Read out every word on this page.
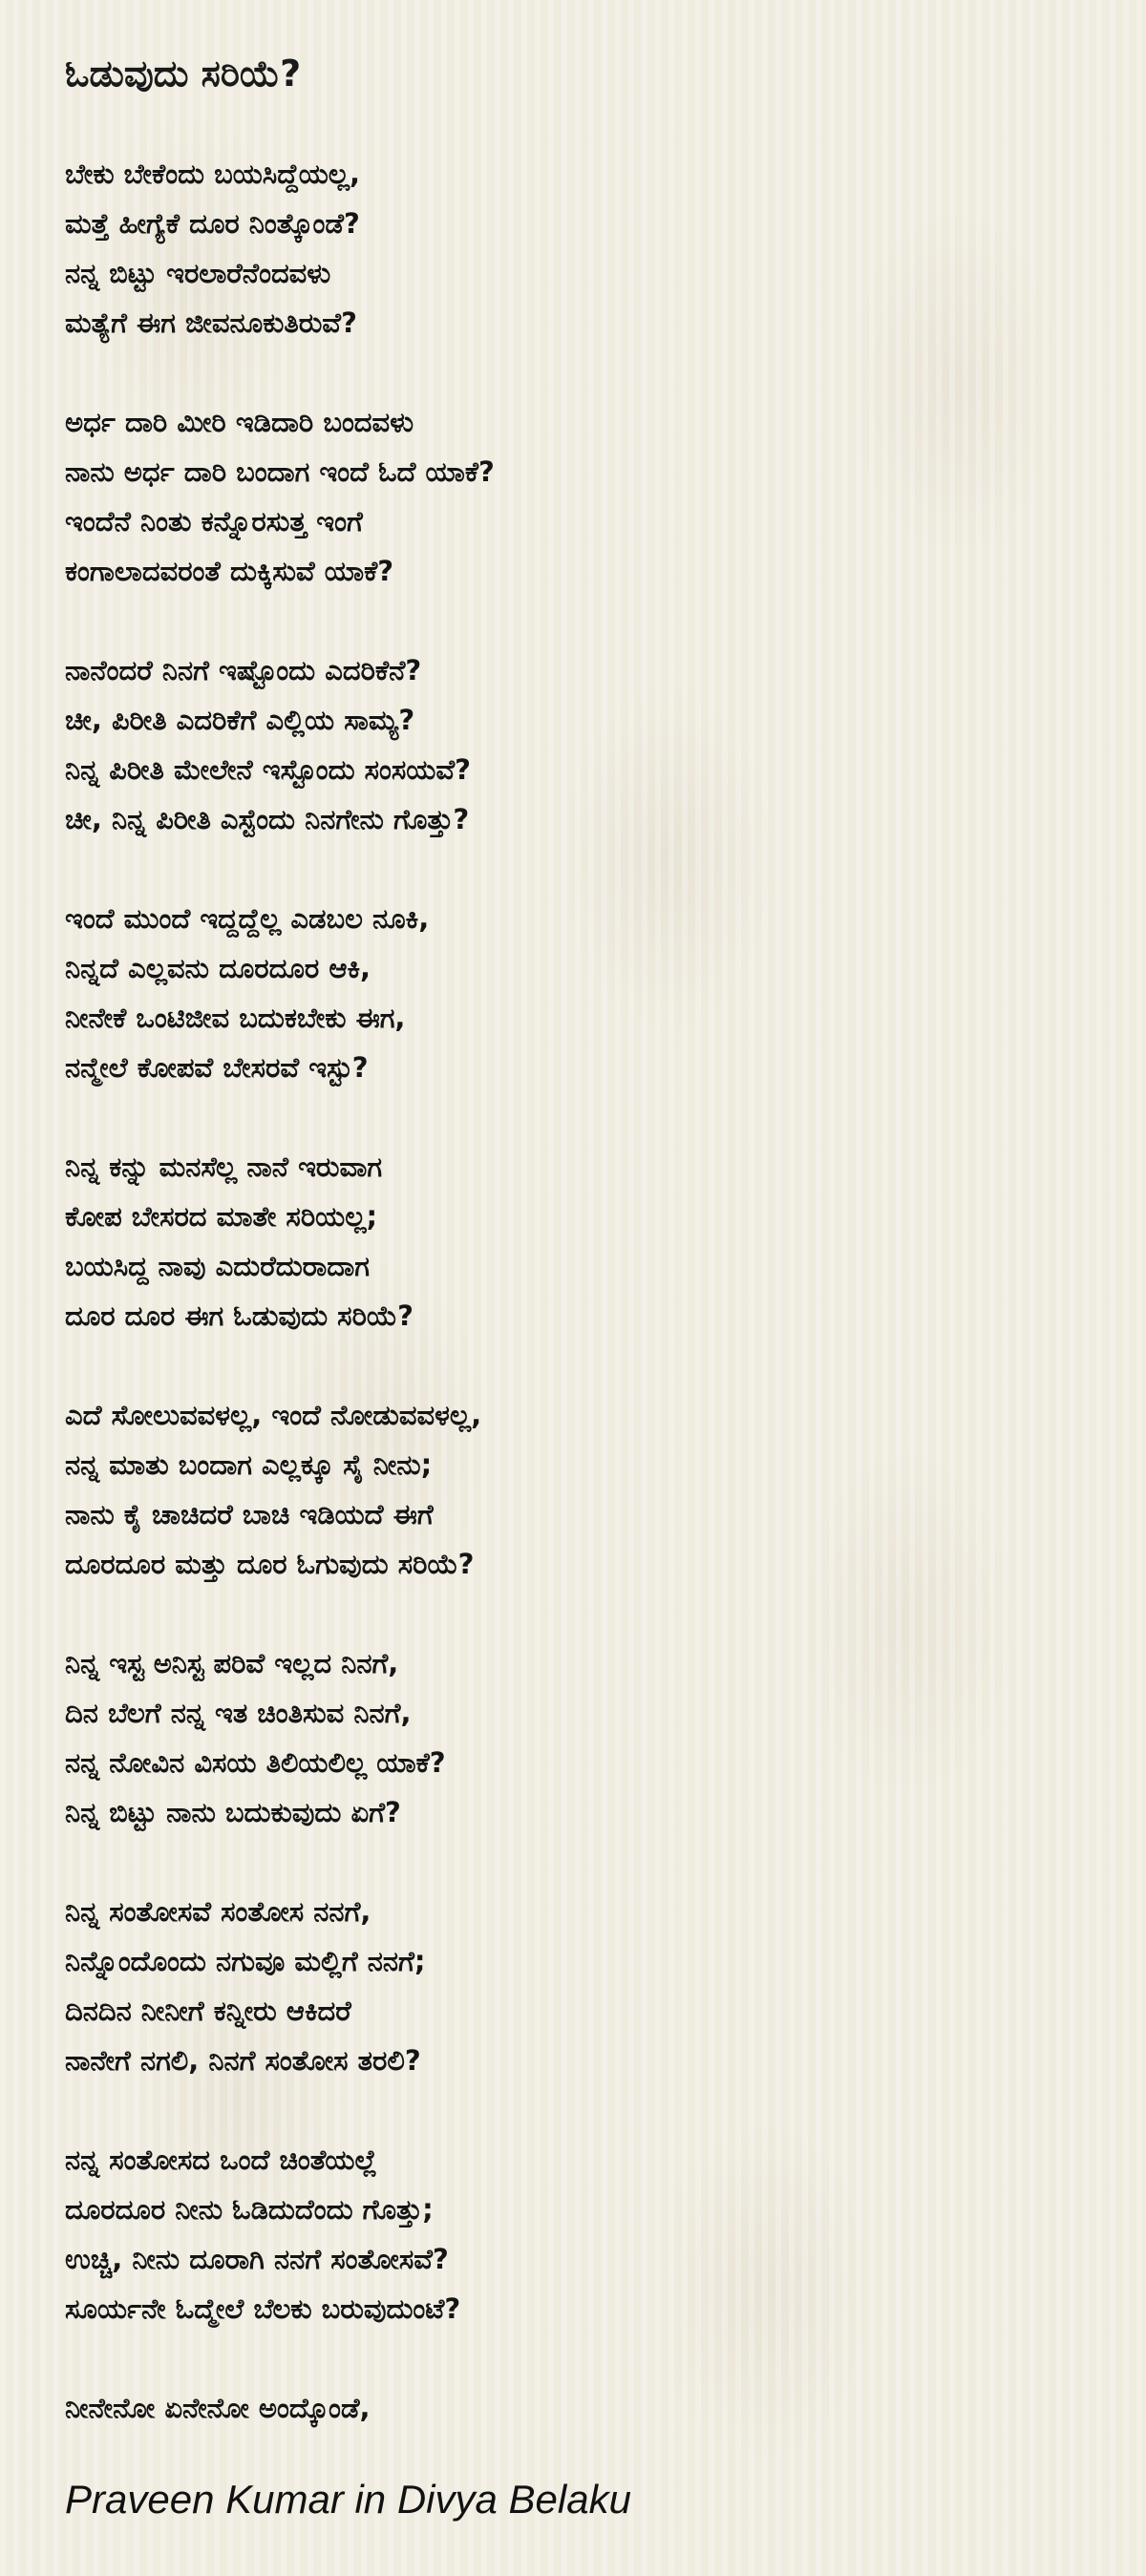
ಓಡುವುದು ಸರಿಯೆ?
ಬೇಕು ಬೇಕೆಂದು ಬಯಸಿದ್ದೆಯಲ್ಲ,
ಮತ್ತೆ ಹೀಗ್ಯೆಕೆ ದೂರ ನಿಂತ್ಕೊಂಡೆ?
ನನ್ನ ಬಿಟ್ಟು ಇರಲಾರೆನೆಂದವಳು
ಮತ್ಯೆಗೆ ಈಗ ಜೀವನೂಕುತಿರುವೆ?
ಅರ್ಧ ದಾರಿ ಮೀರಿ ಇಡಿದಾರಿ ಬಂದವಳು
ನಾನು ಅರ್ಧ ದಾರಿ ಬಂದಾಗ ಇಂದೆ ಓದೆ ಯಾಕೆ?
ಇಂದೆನೆ ನಿಂತು ಕನ್ನೊರಸುತ್ತ ಇಂಗೆ
ಕಂಗಾಲಾದವರಂತೆ ದುಕ್ಕಿಸುವೆ ಯಾಕೆ?
ನಾನೆಂದರೆ ನಿನಗೆ ಇಷ್ಟೊಂದು ಎದರಿಕೆನೆ?
ಚೀ, ಪಿರೀತಿ ಎದರಿಕೆಗೆ ಎಲ್ಲಿಯ ಸಾಮ್ಯ?
ನಿನ್ನ ಪಿರೀತಿ ಮೇಲೇನೆ ಇಸ್ಟೊಂದು ಸಂಸಯವೆ?
ಚೀ, ನಿನ್ನ ಪಿರೀತಿ ಎಸ್ಟೆಂದು ನಿನಗೇನು ಗೊತ್ತು?
ಇಂದೆ ಮುಂದೆ ಇದ್ದದ್ದೆಲ್ಲ ಎಡಬಲ ನೂಕಿ,
ನಿನ್ನದೆ ಎಲ್ಲವನು ದೂರದೂರ ಆಕಿ,
ನೀನೇಕೆ ಒಂಟಿಜೀವ ಬದುಕಬೇಕು ಈಗ,
ನನ್ಮೇಲೆ ಕೋಪವೆ ಬೇಸರವೆ ಇಸ್ಟು?
ನಿನ್ನ ಕನ್ನು ಮನಸೆಲ್ಲ ನಾನೆ ಇರುವಾಗ
ಕೋಪ ಬೇಸರದ ಮಾತೇ ಸರಿಯಲ್ಲ;
ಬಯಸಿದ್ದ ನಾವು ಎದುರೆದುರಾದಾಗ
ದೂರ ದೂರ ಈಗ ಓಡುವುದು ಸರಿಯೆ?
ಎದೆ ಸೋಲುವವಳಲ್ಲ, ಇಂದೆ ನೋಡುವವಳಲ್ಲ,
ನನ್ನ ಮಾತು ಬಂದಾಗ ಎಲ್ಲಕ್ಕೂ ಸೈ ನೀನು;
ನಾನು ಕೈ ಚಾಚಿದರೆ ಬಾಚಿ ಇಡಿಯದೆ ಈಗೆ
ದೂರದೂರ ಮತ್ತು ದೂರ ಓಗುವುದು ಸರಿಯೆ?
ನಿನ್ನ ಇಸ್ಟ ಅನಿಸ್ಟ ಪರಿವೆ ಇಲ್ಲದ ನಿನಗೆ,
ದಿನ ಬೆಲಗೆ ನನ್ನ ಇತ ಚಿಂತಿಸುವ ನಿನಗೆ,
ನನ್ನ ನೋವಿನ ವಿಸಯ ತಿಲಿಯಲಿಲ್ಲ ಯಾಕೆ?
ನಿನ್ನ ಬಿಟ್ಟು ನಾನು ಬದುಕುವುದು ಏಗೆ?
ನಿನ್ನ ಸಂತೋಸವೆ ಸಂತೋಸ ನನಗೆ,
ನಿನ್ನೊಂದೊಂದು ನಗುವೂ ಮಲ್ಲಿಗೆ ನನಗೆ;
ದಿನದಿನ ನೀನೀಗೆ ಕನ್ನೀರು ಆಕಿದರೆ
ನಾನೇಗೆ ನಗಲಿ, ನಿನಗೆ ಸಂತೋಸ ತರಲಿ?
ನನ್ನ ಸಂತೋಸದ ಒಂದೆ ಚಿಂತೆಯಲ್ಲೆ
ದೂರದೂರ ನೀನು ಓಡಿದುದೆಂದು ಗೊತ್ತು;
ಉಚ್ಚಿ, ನೀನು ದೂರಾಗಿ ನನಗೆ ಸಂತೋಸವೆ?
ಸೂರ್ಯನೇ ಓದ್ಮೇಲೆ ಬೆಲಕು ಬರುವುದುಂಟೆ?
ನೀನೇನೋ ಏನೇನೋ ಅಂದ್ಕೊಂಡೆ,
Praveen Kumar in Divya Belaku
